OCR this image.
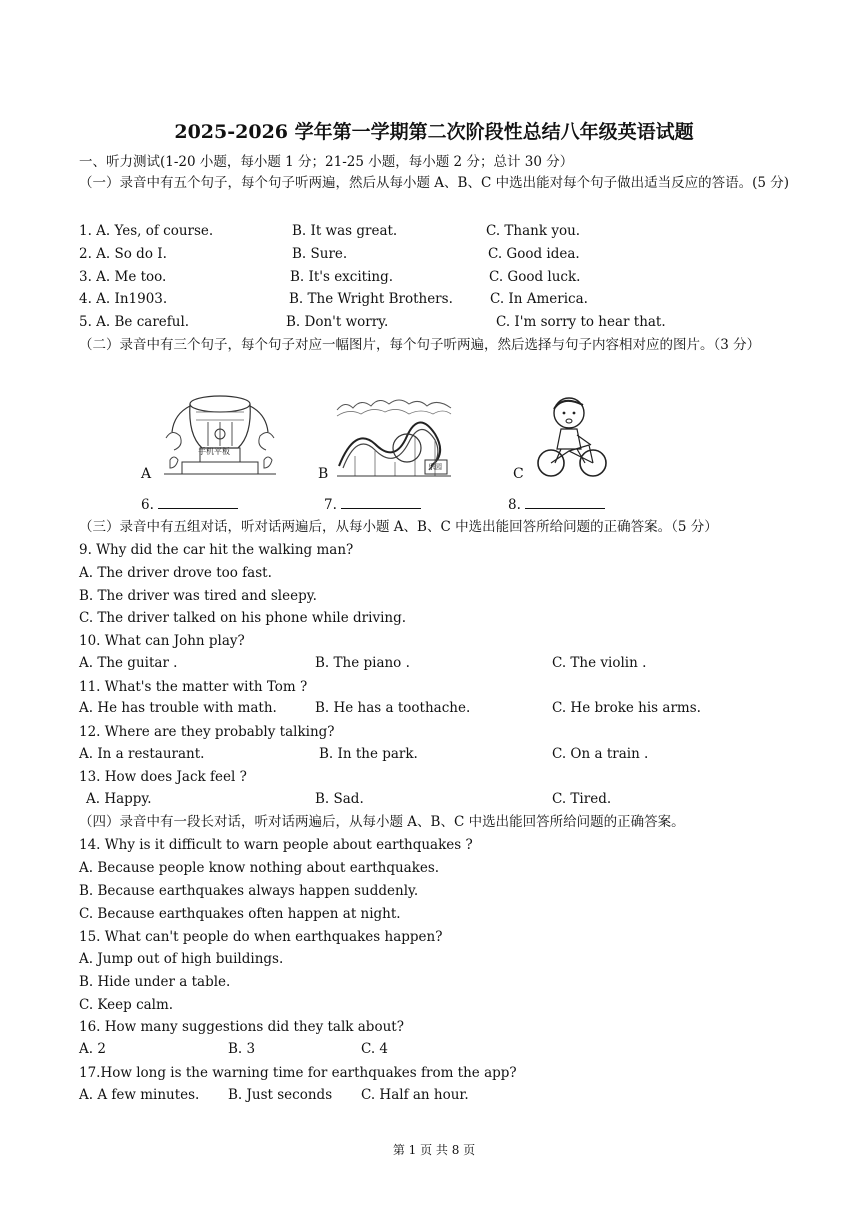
2025-2026 学年第一学期第二次阶段性总结八年级英语试题
一、听力测试(1-20 小题，每小题 1 分；21-25 小题，每小题 2 分；总计 30 分）
（一）录音中有五个句子，每个句子听两遍，然后从每小题 A、B、C 中选出能对每个句子做出适当反应的答语。(5 分)
1. A. Yes, of course.	B. It was great.	C. Thank you.
2. A. So do I.	B. Sure.	C. Good idea.
3. A. Me too.	B. It's exciting.	C. Good luck.
4. A. In1903.	B. The Wright Brothers.	C. In America.
5. A. Be careful.	B. Don't worry.	C. I'm sorry to hear that.
（二）录音中有三个句子，每个句子对应一幅图片，每个句子听两遍，然后选择与句子内容相对应的图片。（3 分）
手机平板
A	乐园
B	C
6.	7.	8.
（三）录音中有五组对话，听对话两遍后，从每小题 A、B、C 中选出能回答所给问题的正确答案。（5 分）
9. Why did the car hit the walking man?
A. The driver drove too fast.
B. The driver was tired and sleepy.
C. The driver talked on his phone while driving.
10. What can John play?
A. The guitar .	B. The piano .	C. The violin .
11. What's the matter with Tom ?
A. He has trouble with math.	B. He has a toothache.	C. He broke his arms.
12. Where are they probably talking?
A. In a restaurant.	B. In the park.	C. On a train .
13. How does Jack feel ?
A. Happy.	B. Sad.	C. Tired.
（四）录音中有一段长对话，听对话两遍后，从每小题 A、B、C 中选出能回答所给问题的正确答案。
14. Why is it difficult to warn people about earthquakes ?
A. Because people know nothing about earthquakes.
B. Because earthquakes always happen suddenly.
C. Because earthquakes often happen at night.
15. What can't people do when earthquakes happen?
A. Jump out of high buildings.
B. Hide under a table.
C. Keep calm.
16. How many suggestions did they talk about?
A. 2	B. 3	C. 4
17.How long is the warning time for earthquakes from the app?
A. A few minutes. B. Just seconds C. Half an hour.
第 1 页 共 8 页
